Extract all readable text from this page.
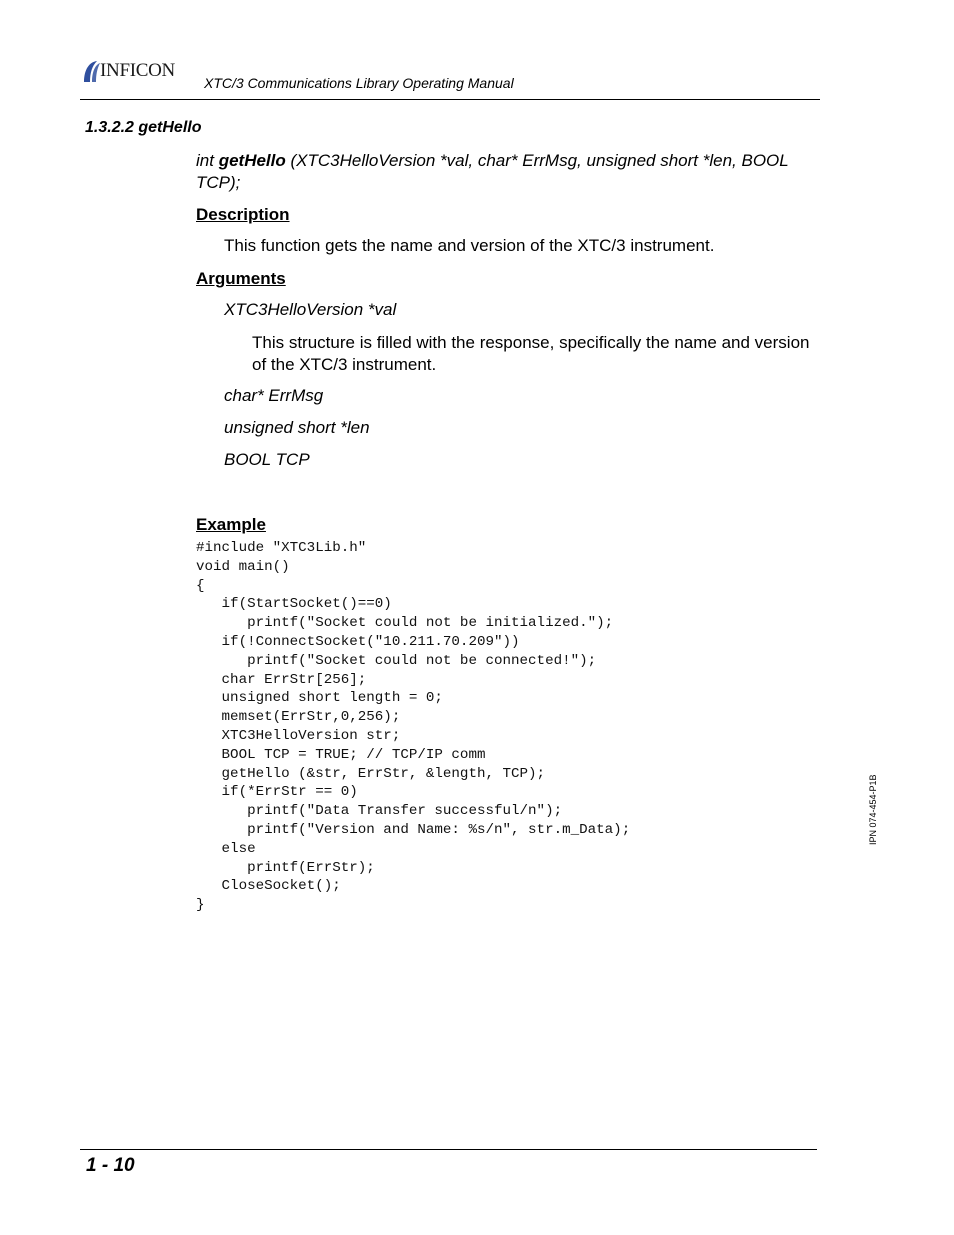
INFICON
XTC/3 Communications Library Operating Manual
1.3.2.2 getHello
int getHello (XTC3HelloVersion *val, char* ErrMsg, unsigned short *len, BOOL TCP);
Description
This function gets the name and version of the XTC/3 instrument.
Arguments
XTC3HelloVersion *val
This structure is filled with the response, specifically the name and version of the XTC/3 instrument.
char* ErrMsg
unsigned short *len
BOOL TCP
Example
#include "XTC3Lib.h"
void main()
{
if(StartSocket()==0)
printf("Socket could not be initialized.");
if(!ConnectSocket("10.211.70.209"))
printf("Socket could not be connected!");
char ErrStr[256];
unsigned short length = 0;
memset(ErrStr,0,256);
XTC3HelloVersion str;
BOOL TCP = TRUE; // TCP/IP comm
getHello (&str, ErrStr, &length, TCP);
if(*ErrStr == 0)
printf("Data Transfer successful/n");
printf("Version and Name: %s/n", str.m_Data);
else
printf(ErrStr);
CloseSocket();
}
IPN 074-454-P1B
1 - 10
